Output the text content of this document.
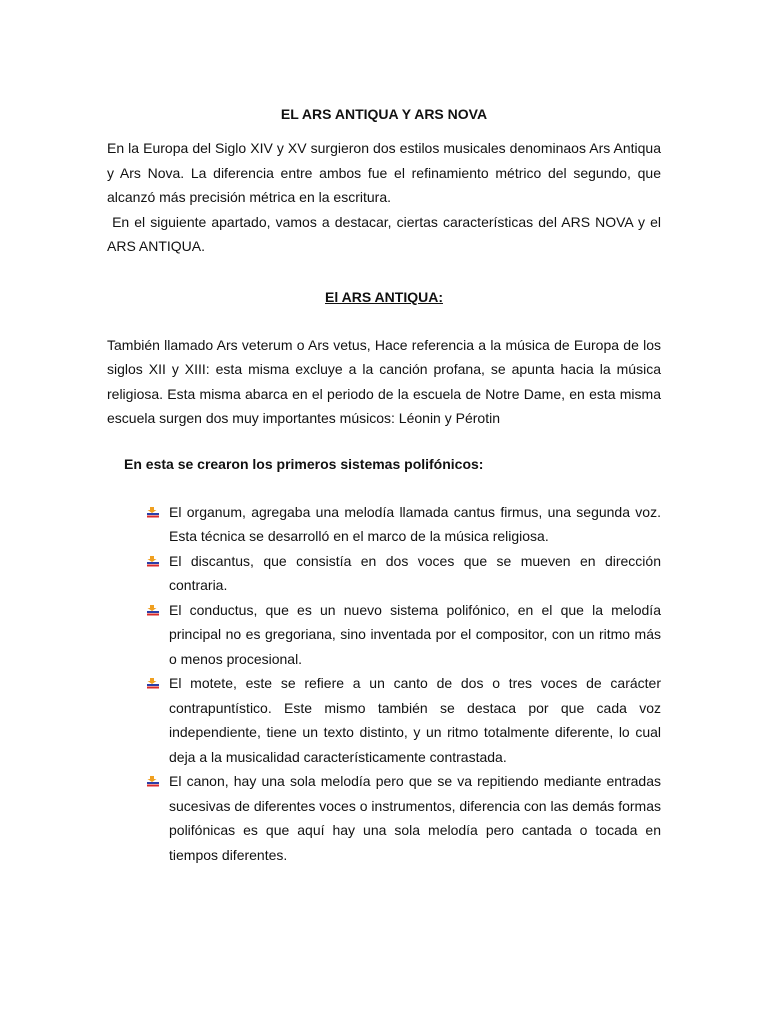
EL ARS ANTIQUA Y ARS NOVA

En la Europa del Siglo XIV y XV surgieron dos estilos musicales denominaos Ars Antiqua y Ars Nova. La diferencia entre ambos fue el refinamiento métrico del segundo, que alcanzó más precisión métrica en la escritura.

En el siguiente apartado, vamos a destacar, ciertas características del ARS NOVA y el ARS ANTIQUA.

El ARS ANTIQUA:

También llamado Ars veterum o Ars vetus, Hace referencia a la música de Europa de los siglos XII y XIII: esta misma excluye a la canción profana, se apunta hacia la música religiosa. Esta misma abarca en el periodo de la escuela de Notre Dame, en esta misma escuela surgen dos muy importantes músicos: Léonin y Pérotin

En esta se crearon los primeros sistemas polifónicos:

El organum, agregaba una melodía llamada cantus firmus, una segunda voz. Esta técnica se desarrolló en el marco de la música religiosa.
El discantus, que consistía en dos voces que se mueven en dirección contraria.
El conductus, que es un nuevo sistema polifónico, en el que la melodía principal no es gregoriana, sino inventada por el compositor, con un ritmo más o menos procesional.
El motete, este se refiere a un canto de dos o tres voces de carácter contrapuntístico. Este mismo también se destaca por que cada voz independiente, tiene un texto distinto, y un ritmo totalmente diferente, lo cual deja a la musicalidad característicamente contrastada.
El canon, hay una sola melodía pero que se va repitiendo mediante entradas sucesivas de diferentes voces o instrumentos, diferencia con las demás formas polifónicas es que aquí hay una sola melodía pero cantada o tocada en tiempos diferentes.
